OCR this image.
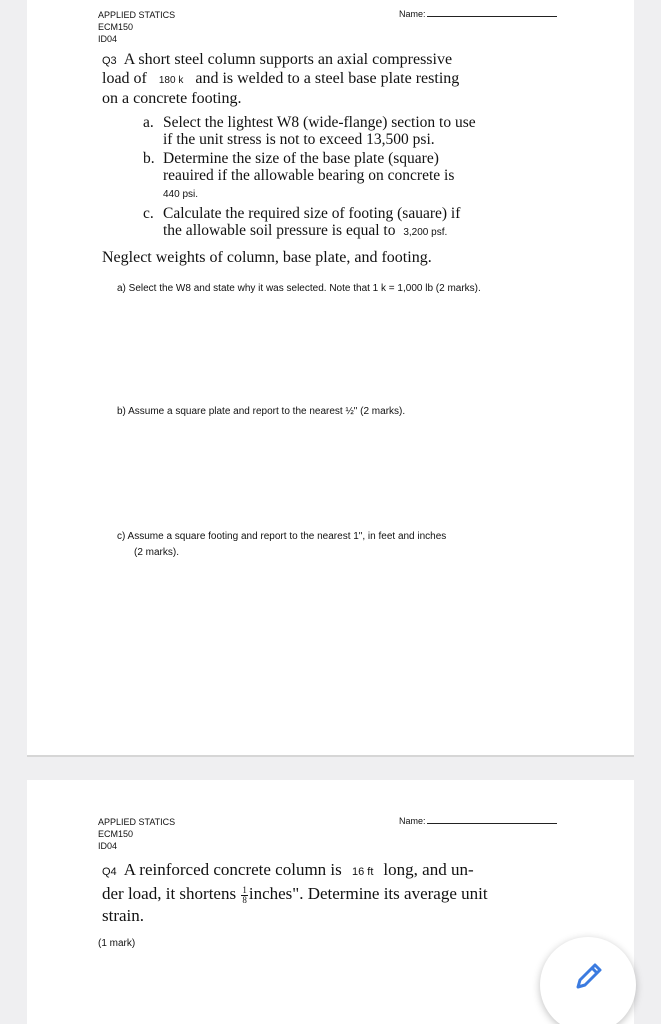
APPLIED STATICS
ECM150
ID04
Name:
Q3 A short steel column supports an axial compressive
load of 180 k and is welded to a steel base plate resting
on a concrete footing.
a. Select the lightest W8 (wide-flange) section to use
if the unit stress is not to exceed 13,500 psi.
b. Determine the size of the base plate (square)
reauired if the allowable bearing on concrete is
440 psi.
c. Calculate the required size of footing (sauare) if
the allowable soil pressure is equal to 3,200 psf.
Neglect weights of column, base plate, and footing.
a) Select the W8 and state why it was selected. Note that 1 k = 1,000 lb (2 marks).
b) Assume a square plate and report to the nearest ½" (2 marks).
c) Assume a square footing and report to the nearest 1", in feet and inches
(2 marks).
APPLIED STATICS
ECM150
ID04
Name:
Q4 A reinforced concrete column is 16 ft long, and un-
der load, it shortens $\frac{1}{8}$ inches". Determine its average unit
strain.
(1 mark)
